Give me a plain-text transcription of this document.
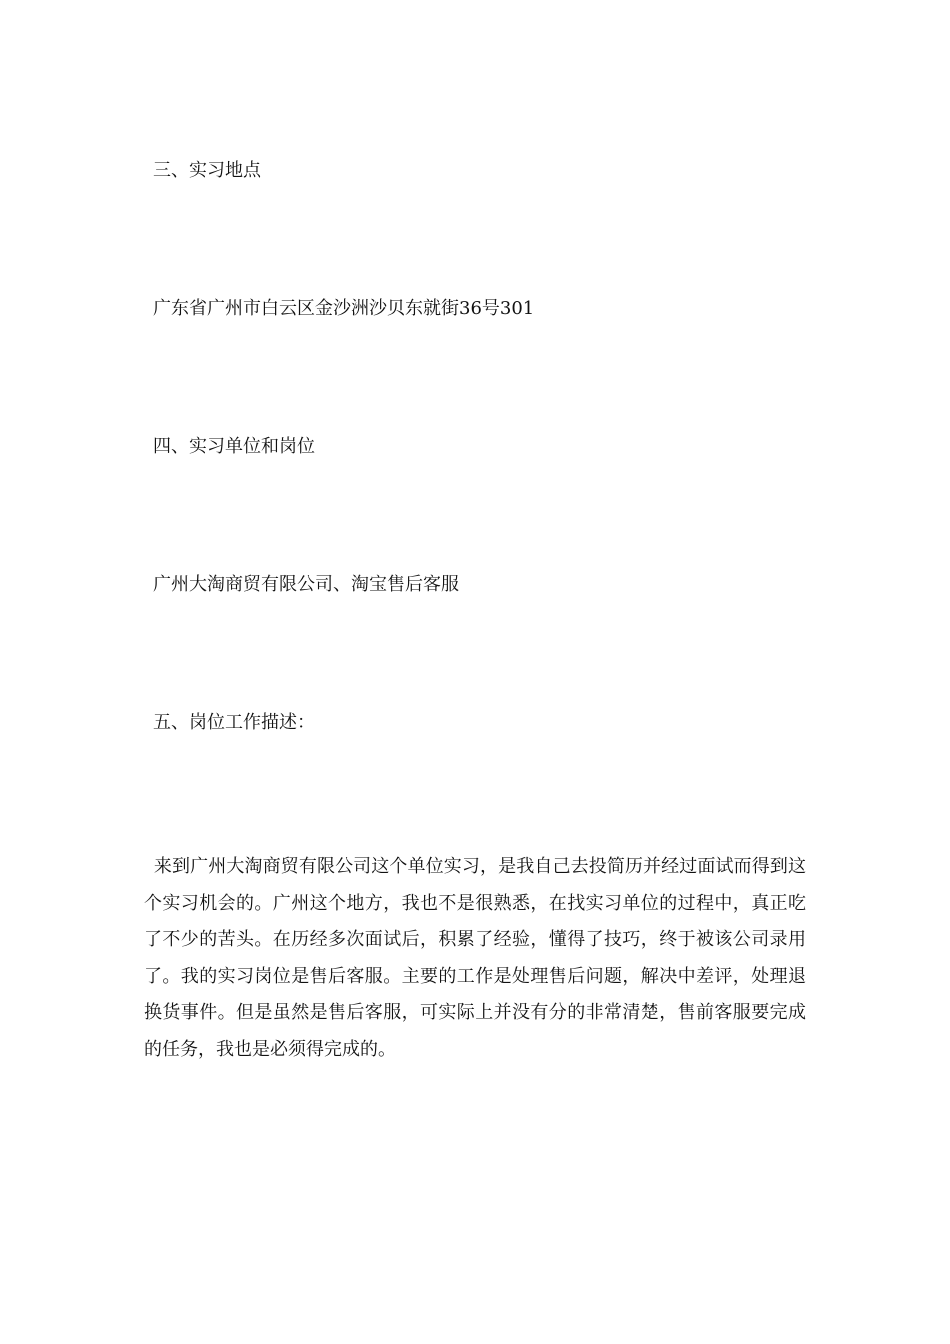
三、实习地点
广东省广州市白云区金沙洲沙贝东就街36号301
四、实习单位和岗位
广州大淘商贸有限公司、淘宝售后客服
五、岗位工作描述：

来到广州大淘商贸有限公司这个单位实习，是我自己去投简历并经过面试而得到这个实习机会的。广州这个地方，我也不是很熟悉，在找实习单位的过程中，真正吃了不少的苦头。在历经多次面试后，积累了经验，懂得了技巧，终于被该公司录用了。我的实习岗位是售后客服。主要的工作是处理售后问题，解决中差评，处理退换货事件。但是虽然是售后客服，可实际上并没有分的非常清楚，售前客服要完成的任务，我也是必须得完成的。
